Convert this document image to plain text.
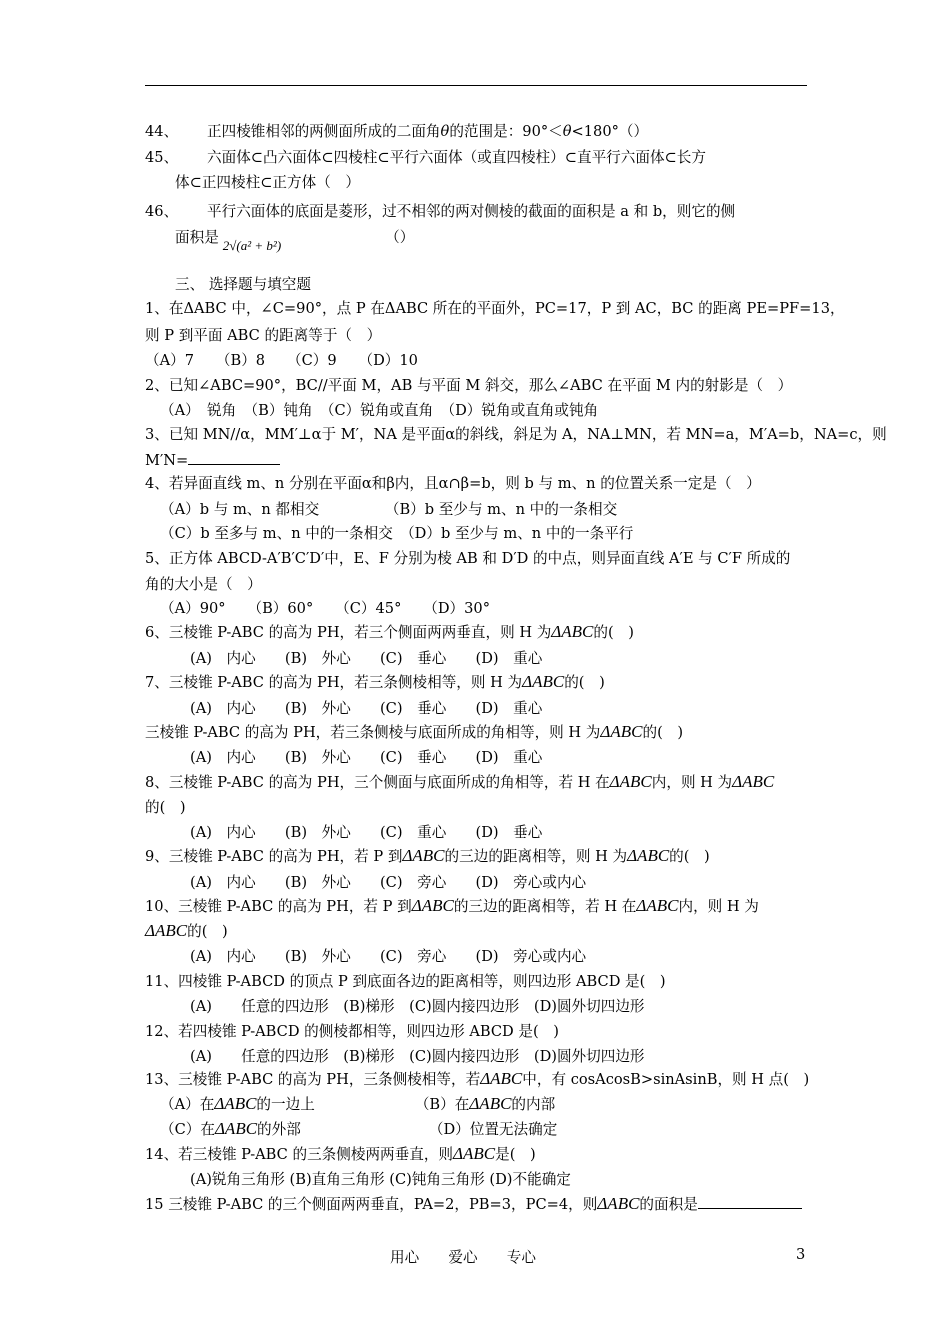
44、 正四棱锥相邻的两侧面所成的二面角θ的范围是：90°＜θ<180°（）
45、 六面体⊂凸六面体⊂四棱柱⊂平行六面体（或直四棱柱）⊂直平行六面体⊂长方
体⊂正四棱柱⊂正方体（　）
46、 平行六面体的底面是菱形，过不相邻的两对侧棱的截面的面积是 a 和 b，则它的侧
面积是 2√(a² + b²)	（）
三、 选择题与填空题
1、在ΔABC 中，∠C=90°，点 P 在ΔABC 所在的平面外，PC=17，P 到 AC，BC 的距离 PE=PF=13，
则 P 到平面 ABC 的距离等于（　）
（A）7　　（B）8　　（C）9　　（D）10
2、已知∠ABC=90°，BC//平面 M，AB 与平面 M 斜交，那么∠ABC 在平面 M 内的射影是（　）
（A）　锐角　（B）钝角　（C）锐角或直角　（D）锐角或直角或钝角
3、已知 MN//α，MM′⊥α于 M′，NA 是平面α的斜线，斜足为 A，NA⊥MN，若 MN=a，M′A=b，NA=c，则
M′N=
4、若异面直线 m、n 分别在平面α和β内，且α∩β=b，则 b 与 m、n 的位置关系一定是（　）
（A）b 与 m、n 都相交　　　　　（B）b 至少与 m、n 中的一条相交
（C）b 至多与 m、n 中的一条相交　（D）b 至少与 m、n 中的一条平行
5、正方体 ABCD-A′B′C′D′中，E、F 分别为棱 AB 和 D′D 的中点，则异面直线 A′E 与 C′F 所成的
角的大小是（　）
（A）90°　　（B）60°　　（C）45°　　（D）30°
6、三棱锥 P-ABC 的高为 PH，若三个侧面两两垂直，则 H 为ΔABC的(　)
(A)　内心　　(B)　外心　　(C)　垂心　　(D)　重心
7、三棱锥 P-ABC 的高为 PH，若三条侧棱相等，则 H 为ΔABC的(　)
(A)　内心　　(B)　外心　　(C)　垂心　　(D)　重心
三棱锥 P-ABC 的高为 PH，若三条侧棱与底面所成的角相等，则 H 为ΔABC的(　)
(A)　内心　　(B)　外心　　(C)　垂心　　(D)　重心
8、三棱锥 P-ABC 的高为 PH，三个侧面与底面所成的角相等，若 H 在ΔABC内，则 H 为ΔABC
的(　)
(A)　内心　　(B)　外心　　(C)　重心　　(D)　垂心
9、三棱锥 P-ABC 的高为 PH，若 P 到ΔABC的三边的距离相等，则 H 为ΔABC的(　)
(A)　内心　　(B)　外心　　(C)　旁心　　(D)　旁心或内心
10、三棱锥 P-ABC 的高为 PH，若 P 到ΔABC的三边的距离相等，若 H 在ΔABC内，则 H 为
ΔABC的(　)
(A)　内心　　(B)　外心　　(C)　旁心　　(D)　旁心或内心
11、四棱锥 P-ABCD 的顶点 P 到底面各边的距离相等，则四边形 ABCD 是(　)
(A)　　任意的四边形　(B)梯形　(C)圆内接四边形　(D)圆外切四边形
12、若四棱锥 P-ABCD 的侧棱都相等，则四边形 ABCD 是(　)
(A)　　任意的四边形　(B)梯形　(C)圆内接四边形　(D)圆外切四边形
13、三棱锥 P-ABC 的高为 PH，三条侧棱相等，若ΔABC中，有 cosAcosB>sinAsinB，则 H 点(　)
（A）在ΔABC的一边上	（B）在ΔABC的内部
（C）在ΔABC的外部	（D）位置无法确定
14、若三棱锥 P-ABC 的三条侧棱两两垂直，则ΔABC是(　)
(A)锐角三角形 (B)直角三角形 (C)钝角三角形 (D)不能确定
15 三棱锥 P-ABC 的三个侧面两两垂直，PA=2，PB=3，PC=4，则ΔABC的面积是
用心　　爱心　　专心	3
